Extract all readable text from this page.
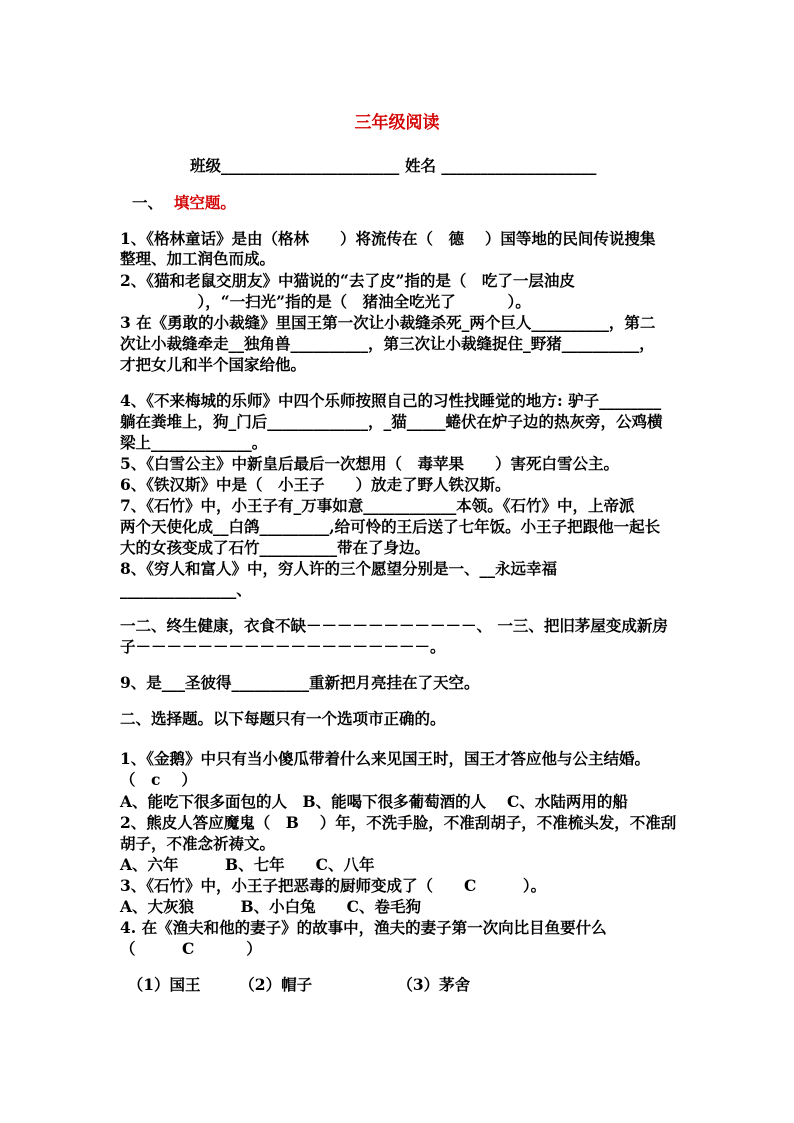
三年级阅读
班级_______________________ 姓名 ____________________
一、 填空题。
1、《格林童话》是由（格林　　）将流传在（　德　 ）国等地的民间传说搜集
整理、加工润色而成。
2、《猫和老鼠交朋友》中猫说的“去了皮”指的是（　吃了一层油皮
　　　　　），“一扫光”指的是（　猪油全吃光了　　　 ）。
3 在《勇敢的小裁缝》里国王第一次让小裁缝杀死_两个巨人__________，第二
次让小裁缝牵走__独角兽__________，第三次让小裁缝捉住_野猪__________，
才把女儿和半个国家给他。
4、《不来梅城的乐师》中四个乐师按照自己的习性找睡觉的地方: 驴子________
躺在粪堆上，狗_门后_____________，_猫_____蜷伏在炉子边的热灰旁，公鸡横
梁上_____________。
5、《白雪公主》中新皇后最后一次想用（　毒苹果　　）害死白雪公主。
6、《铁汉斯》中是（　小王子　　）放走了野人铁汉斯。
7、《石竹》中，小王子有_万事如意____________本领。《石竹》中，上帝派
两个天使化成__白鸽_________,给可怜的王后送了七年饭。小王子把跟他一起长
大的女孩变成了石竹__________带在了身边。
8、《穷人和富人》中，穷人许的三个愿望分别是一、__永远幸福
_______________、
一二、终生健康，衣食不缺－－－－－－－－－－－、 一三、把旧茅屋变成新房
子－－－－－－－－－－－－－－－－－－－。
9、是___圣彼得__________重新把月亮挂在了天空。
二、选择题。以下每题只有一个选项市正确的。
1、《金鹅》中只有当小傻瓜带着什么来见国王时，国王才答应他与公主结婚。
（　c　 ）
A、能吃下很多面包的人　B、能喝下很多葡萄酒的人　 C、水陆两用的船
2、熊皮人答应魔鬼（　B　 ）年，不洗手脸，不准刮胡子，不准梳头发，不准刮
胡子，不准念祈祷文。
A、六年　　　B、七年　　C、八年
3、《石竹》中，小王子把恶毒的厨师变成了（　　C　　　）。
A、大灰狼　　　B、小白兔　　C、卷毛狗
4. 在《渔夫和他的妻子》的故事中，渔夫的妻子第一次向比目鱼要什么
（　　　C　　　 ）
　（1）国王　　　（2）帽子　　　　　　（3）茅舍
